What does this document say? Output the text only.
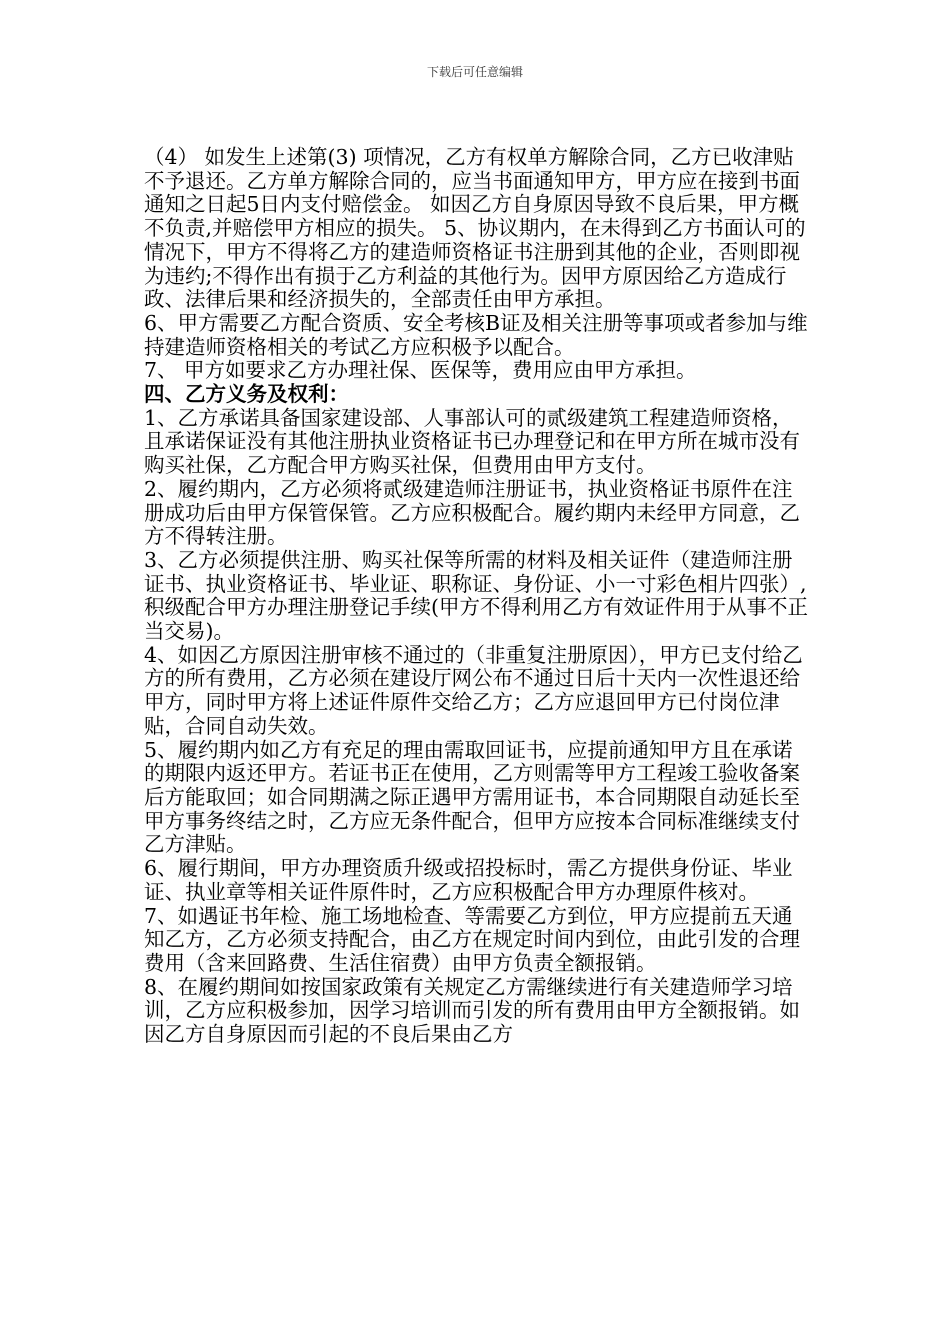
下载后可任意编辑

（4） 如发生上述第(3) 项情况，乙方有权单方解除合同，乙方已收津贴不予退还。乙方单方解除合同的，应当书面通知甲方，甲方应在接到书面通知之日起5日内支付赔偿金。 如因乙方自身原因导致不良后果，甲方概不负责,并赔偿甲方相应的损失。 5、协议期内，在未得到乙方书面认可的情况下，甲方不得将乙方的建造师资格证书注册到其他的企业，否则即视为违约;不得作出有损于乙方利益的其他行为。因甲方原因给乙方造成行政、法律后果和经济损失的，全部责任由甲方承担。

6、甲方需要乙方配合资质、安全考核B证及相关注册等事项或者参加与维持建造师资格相关的考试乙方应积极予以配合。

7、 甲方如要求乙方办理社保、医保等，费用应由甲方承担。

四、乙方义务及权利：

1、乙方承诺具备国家建设部、人事部认可的贰级建筑工程建造师资格，且承诺保证没有其他注册执业资格证书已办理登记和在甲方所在城市没有购买社保，乙方配合甲方购买社保，但费用由甲方支付。

2、履约期内，乙方必须将贰级建造师注册证书，执业资格证书原件在注册成功后由甲方保管保管。乙方应积极配合。履约期内未经甲方同意，乙方不得转注册。

3、乙方必须提供注册、购买社保等所需的材料及相关证件（建造师注册证书、执业资格证书、毕业证、职称证、身份证、小一寸彩色相片四张）,积级配合甲方办理注册登记手续(甲方不得利用乙方有效证件用于从事不正当交易)。

4、如因乙方原因注册审核不通过的（非重复注册原因），甲方已支付给乙方的所有费用，乙方必须在建设厅网公布不通过日后十天内一次性退还给甲方，同时甲方将上述证件原件交给乙方；乙方应退回甲方已付岗位津贴，合同自动失效。

5、履约期内如乙方有充足的理由需取回证书，应提前通知甲方且在承诺的期限内返还甲方。若证书正在使用，乙方则需等甲方工程竣工验收备案后方能取回；如合同期满之际正遇甲方需用证书，本合同期限自动延长至甲方事务终结之时，乙方应无条件配合，但甲方应按本合同标准继续支付乙方津贴。

6、履行期间，甲方办理资质升级或招投标时，需乙方提供身份证、毕业证、执业章等相关证件原件时，乙方应积极配合甲方办理原件核对。

7、如遇证书年检、施工场地检查、等需要乙方到位，甲方应提前五天通知乙方，乙方必须支持配合，由乙方在规定时间内到位，由此引发的合理费用（含来回路费、生活住宿费）由甲方负责全额报销。

8、在履约期间如按国家政策有关规定乙方需继续进行有关建造师学习培训，乙方应积极参加，因学习培训而引发的所有费用由甲方全额报销。如因乙方自身原因而引起的不良后果由乙方
